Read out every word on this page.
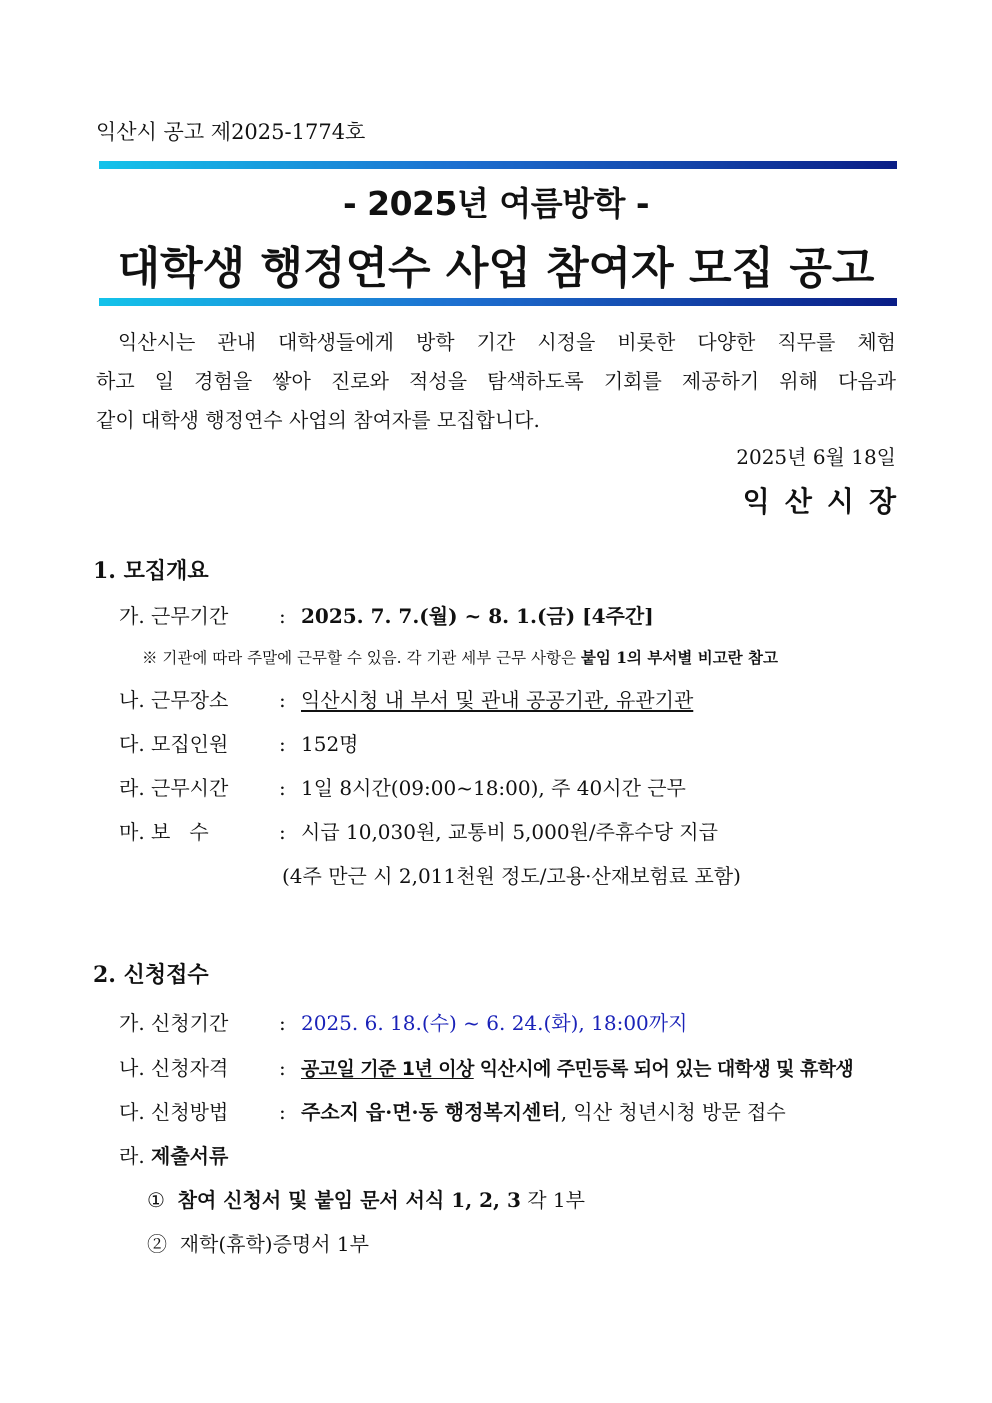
익산시 공고 제2025-1774호
- 2025년 여름방학 -
대학생 행정연수 사업 참여자 모집 공고
익산시는 관내 대학생들에게 방학 기간 시정을 비롯한 다양한 직무를 체험
하고 일 경험을 쌓아 진로와 적성을 탐색하도록 기회를 제공하기 위해 다음과
같이 대학생 행정연수 사업의 참여자를 모집합니다.
2025년 6월 18일
익산시장
1. 모집개요
가. 근무기간	: 2025. 7. 7.(월) ~ 8. 1.(금) [4주간]
※ 기관에 따라 주말에 근무할 수 있음. 각 기관 세부 근무 사항은 붙임 1의 부서별 비고란 참고
나. 근무장소	: 익산시청 내 부서 및 관내 공공기관, 유관기관
다. 모집인원	: 152명
라. 근무시간	: 1일 8시간(09:00~18:00), 주 40시간 근무
마. 보   수	: 시급 10,030원, 교통비 5,000원/주휴수당 지급
(4주 만근 시 2,011천원 정도/고용·산재보험료 포함)
2. 신청접수
가. 신청기간	: 2025. 6. 18.(수) ~ 6. 24.(화), 18:00까지
나. 신청자격	: 공고일 기준 1년 이상 익산시에 주민등록 되어 있는 대학생 및 휴학생
다. 신청방법	: 주소지 읍·면·동 행정복지센터, 익산 청년시청 방문 접수
라. 제출서류
① 참여 신청서 및 붙임 문서 서식 1, 2, 3 각 1부
② 재학(휴학)증명서 1부
